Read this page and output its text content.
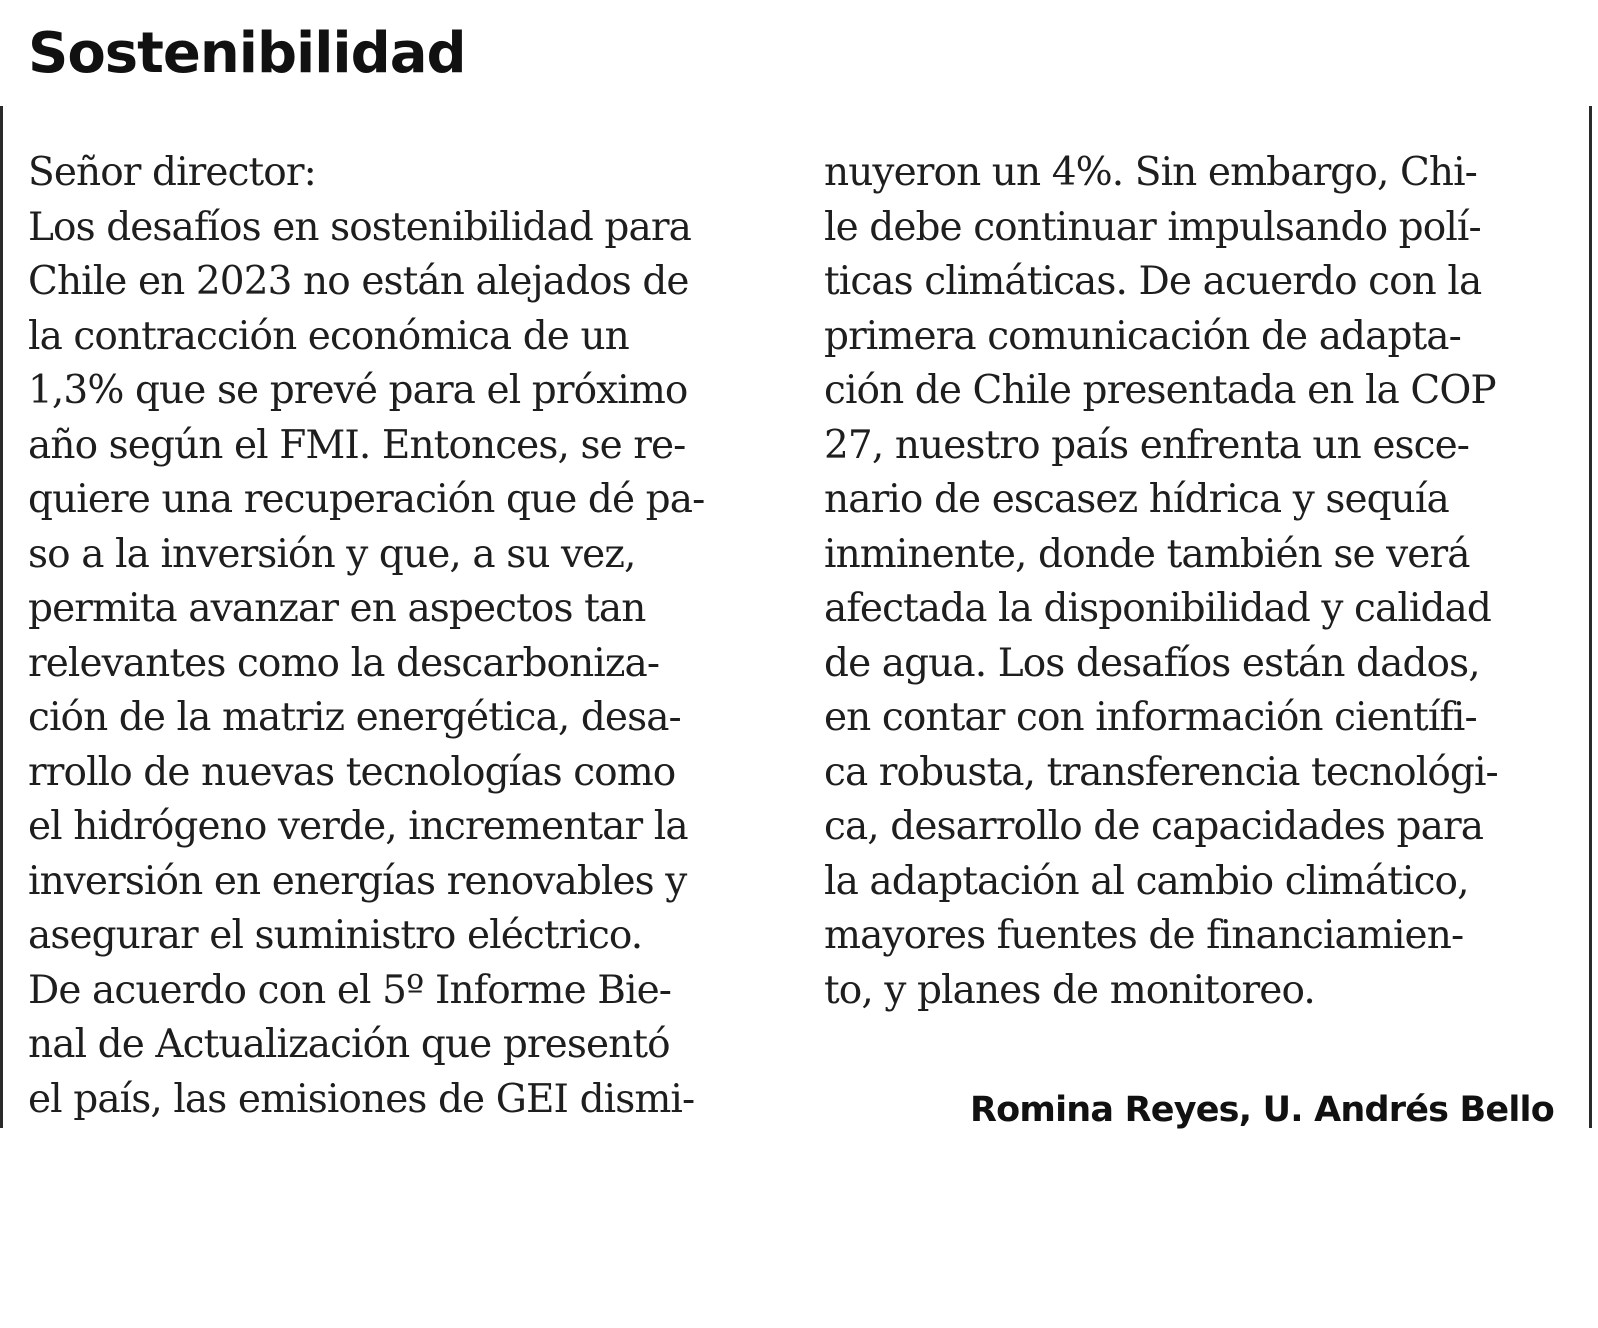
Sostenibilidad
Señor director:
Los desafíos en sostenibilidad para
Chile en 2023 no están alejados de
la contracción económica de un
1,3% que se prevé para el próximo
año según el FMI. Entonces, se re-
quiere una recuperación que dé pa-
so a la inversión y que, a su vez,
permita avanzar en aspectos tan
relevantes como la descarboniza-
ción de la matriz energética, desa-
rrollo de nuevas tecnologías como
el hidrógeno verde, incrementar la
inversión en energías renovables y
asegurar el suministro eléctrico.
De acuerdo con el 5º Informe Bie-
nal de Actualización que presentó
el país, las emisiones de GEI dismi-
nuyeron un 4%. Sin embargo, Chi-
le debe continuar impulsando polí-
ticas climáticas. De acuerdo con la
primera comunicación de adapta-
ción de Chile presentada en la COP
27, nuestro país enfrenta un esce-
nario de escasez hídrica y sequía
inminente, donde también se verá
afectada la disponibilidad y calidad
de agua. Los desafíos están dados,
en contar con información científi-
ca robusta, transferencia tecnológi-
ca, desarrollo de capacidades para
la adaptación al cambio climático,
mayores fuentes de financiamien-
to, y planes de monitoreo.
Romina Reyes, U. Andrés Bello
